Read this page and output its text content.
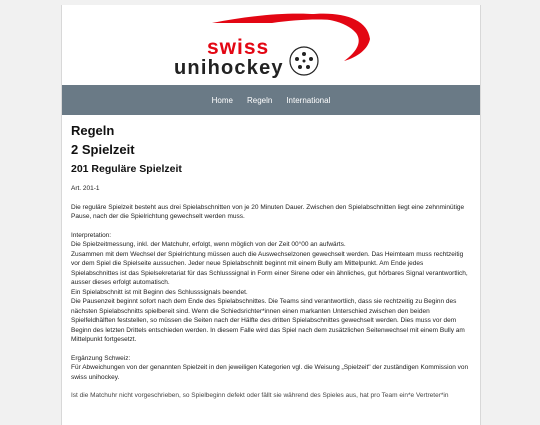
swiss
unihockey
Home Regeln International
Regeln
2 Spielzeit
201 Reguläre Spielzeit

Art. 201-1

Die reguläre Spielzeit besteht aus drei Spielabschnitten von je 20 Minuten Dauer. Zwischen den Spielabschnitten liegt eine zehnminütige Pause, nach der die Spielrichtung gewechselt werden muss.

Interpretation:

Die Spielzeitmessung, inkl. der Matchuhr, erfolgt, wenn möglich von der Zeit 00°00 an aufwärts.

Zusammen mit dem Wechsel der Spielrichtung müssen auch die Auswechselzonen gewechselt werden. Das Heimteam muss rechtzeitig vor dem Spiel die Spielseite aussuchen. Jeder neue Spielabschnitt beginnt mit einem Bully am Mittelpunkt. Am Ende jedes Spielabschnittes ist das Spielsekretariat für das Schlusssignal in Form einer Sirene oder ein ähnliches, gut hörbares Signal verantwortlich, ausser dieses erfolgt automatisch.

Ein Spielabschnitt ist mit Beginn des Schlusssignals beendet.

Die Pausenzeit beginnt sofort nach dem Ende des Spielabschnittes. Die Teams sind verantwortlich, dass sie rechtzeitig zu Beginn des nächsten Spielabschnitts spielbereit sind. Wenn die Schiedsrichter*innen einen markanten Unterschied zwischen den beiden Spielfeldhälften feststellen, so müssen die Seiten nach der Hälfte des dritten Spielabschnittes gewechselt werden. Dies muss vor dem Beginn des letzten Drittels entschieden werden. In diesem Falle wird das Spiel nach dem zusätzlichen Seitenwechsel mit einem Bully am Mittelpunkt fortgesetzt.

Ergänzung Schweiz:

Für Abweichungen von der genannten Spielzeit in den jeweiligen Kategorien vgl. die Weisung „Spielzeit" der zuständigen Kommission von swiss unihockey.

Ist die Matchuhr nicht vorgeschrieben, so Spielbeginn defekt oder fällt sie während des Spieles aus, hat pro Team ein*e Vertreter*in
